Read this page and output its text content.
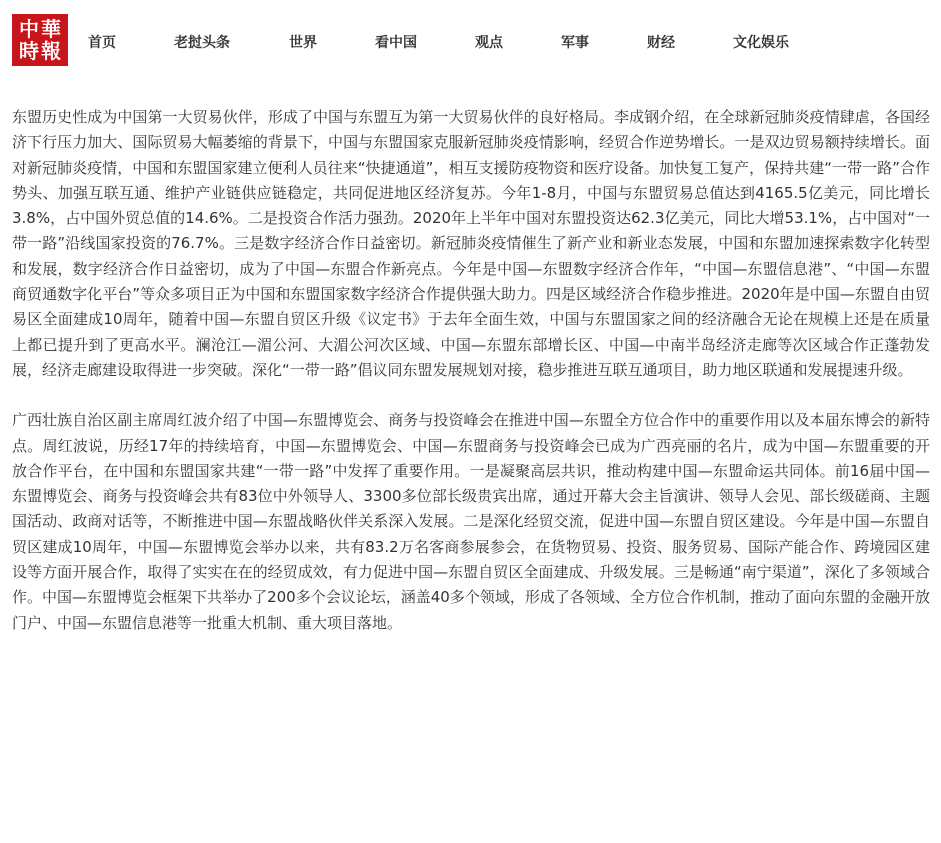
中 華
時 報 首页	老挝头条	世界	看中国	观点	军事	财经	文化娱乐

东盟历史性成为中国第一大贸易伙伴，形成了中国与东盟互为第一大贸易伙伴的良好格局。李成钢介绍，在全球新冠肺炎疫情肆虐，各国经济下行压力加大、国际贸易大幅萎缩的背景下，中国与东盟国家克服新冠肺炎疫情影响，经贸合作逆势增长。一是双边贸易额持续增长。面对新冠肺炎疫情，中国和东盟国家建立便利人员往来“快捷通道”，相互支援防疫物资和医疗设备。加快复工复产，保持共建“一带一路”合作势头、加强互联互通、维护产业链供应链稳定，共同促进地区经济复苏。今年1-8月，中国与东盟贸易总值达到4165.5亿美元，同比增长3.8%，占中国外贸总值的14.6%。二是投资合作活力强劲。2020年上半年中国对东盟投资达62.3亿美元，同比大增53.1%，占中国对“一带一路”沿线国家投资的76.7%。三是数字经济合作日益密切。新冠肺炎疫情催生了新产业和新业态发展，中国和东盟加速探索数字化转型和发展，数字经济合作日益密切，成为了中国—东盟合作新亮点。今年是中国—东盟数字经济合作年，“中国—东盟信息港”、“中国—东盟商贸通数字化平台”等众多项目正为中国和东盟国家数字经济合作提供强大助力。四是区域经济合作稳步推进。2020年是中国—东盟自由贸易区全面建成10周年，随着中国—东盟自贸区升级《议定书》于去年全面生效，中国与东盟国家之间的经济融合无论在规模上还是在质量上都已提升到了更高水平。澜沧江—湄公河、大湄公河次区域、中国—东盟东部增长区、中国—中南半岛经济走廊等次区域合作正蓬勃发展，经济走廊建设取得进一步突破。深化“一带一路”倡议同东盟发展规划对接，稳步推进互联互通项目，助力地区联通和发展提速升级。

广西壮族自治区副主席周红波介绍了中国—东盟博览会、商务与投资峰会在推进中国—东盟全方位合作中的重要作用以及本届东博会的新特点。周红波说，历经17年的持续培育，中国—东盟博览会、中国—东盟商务与投资峰会已成为广西亮丽的名片，成为中国—东盟重要的开放合作平台，在中国和东盟国家共建“一带一路”中发挥了重要作用。一是凝聚高层共识，推动构建中国—东盟命运共同体。前16届中国—东盟博览会、商务与投资峰会共有83位中外领导人、3300多位部长级贵宾出席，通过开幕大会主旨演讲、领导人会见、部长级磋商、主题国活动、政商对话等，不断推进中国—东盟战略伙伴关系深入发展。二是深化经贸交流，促进中国—东盟自贸区建设。今年是中国—东盟自贸区建成10周年，中国—东盟博览会举办以来，共有83.2万名客商参展参会，在货物贸易、投资、服务贸易、国际产能合作、跨境园区建设等方面开展合作，取得了实实在在的经贸成效，有力促进中国—东盟自贸区全面建成、升级发展。三是畅通“南宁渠道”，深化了多领域合作。中国—东盟博览会框架下共举办了200多个会议论坛，涵盖40多个领域，形成了各领域、全方位合作机制，推动了面向东盟的金融开放门户、中国—东盟信息港等一批重大机制、重大项目落地。
